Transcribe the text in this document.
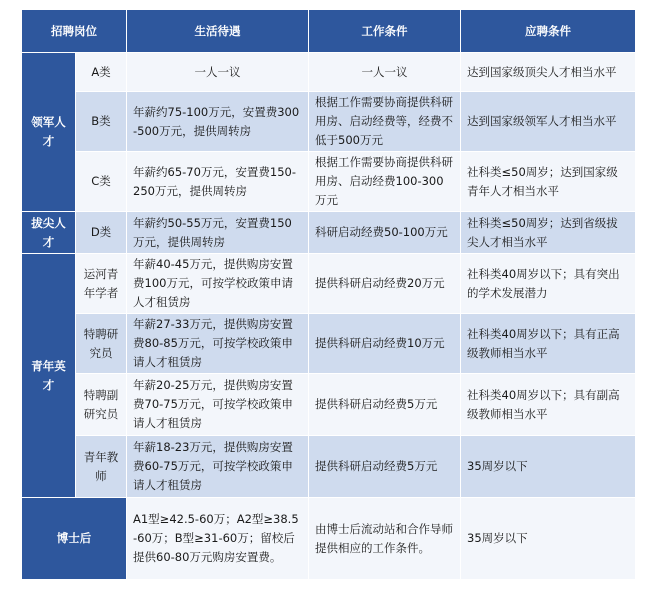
招聘岗位		生活待遇	工作条件	应聘条件
领军人才	A类	一人一议	一人一议	达到国家级顶尖人才相当水平
	B类	年薪约75-100万元，安置费300-500万元，提供周转房	根据工作需要协商提供科研用房、启动经费等，经费不低于500万元	达到国家级领军人才相当水平
	C类	年薪约65-70万元，安置费150-250万元，提供周转房	根据工作需要协商提供科研用房、启动经费100-300万元	社科类≤50周岁；达到国家级青年人才相当水平
拔尖人才	D类	年薪约50-55万元，安置费150万元，提供周转房	科研启动经费50-100万元	社科类≤50周岁；达到省级拔尖人才相当水平
青年英才	运河青年学者	年薪40-45万元，提供购房安置费100万元，可按学校政策申请人才租赁房	提供科研启动经费20万元	社科类40周岁以下；具有突出的学术发展潜力
	特聘研究员	年薪27-33万元，提供购房安置费80-85万元，可按学校政策申请人才租赁房	提供科研启动经费10万元	社科类40周岁以下；具有正高级教师相当水平
	特聘副研究员	年薪20-25万元，提供购房安置费70-75万元，可按学校政策申请人才租赁房	提供科研启动经费5万元	社科类40周岁以下；具有副高级教师相当水平
	青年教师	年薪18-23万元，提供购房安置费60-75万元，可按学校政策申请人才租赁房	提供科研启动经费5万元	35周岁以下
博士后		A1型≥42.5-60万；A2型≥38.5-60万；B型≥31-60万；留校后提供60-80万元购房安置费。	由博士后流动站和合作导师提供相应的工作条件。	35周岁以下
